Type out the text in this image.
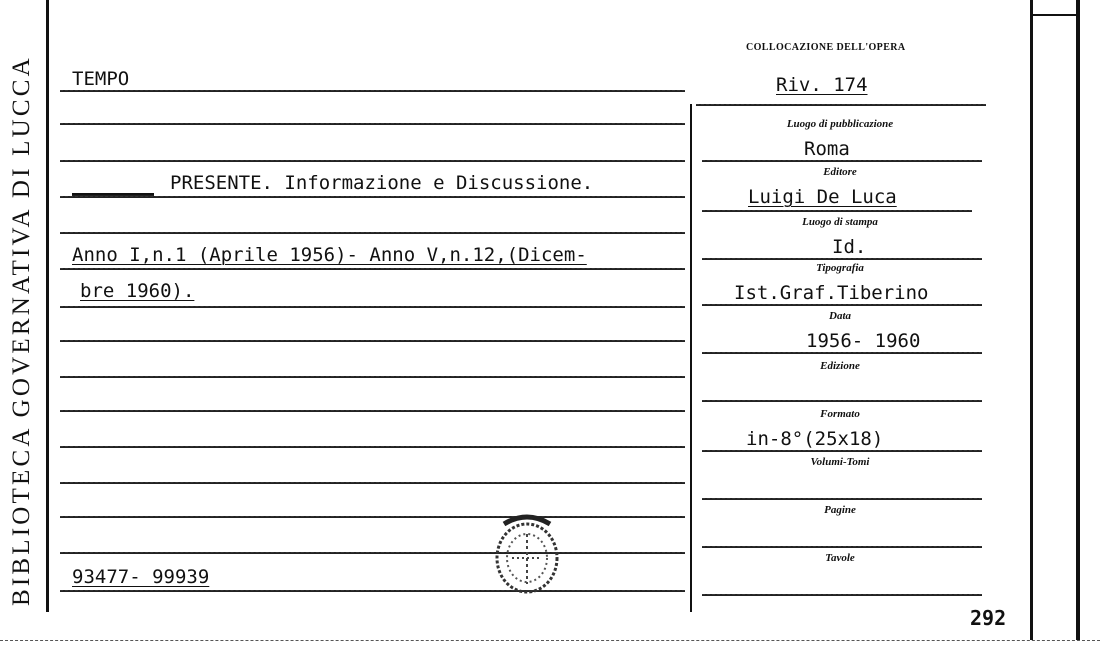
BIBLIOTECA GOVERNATIVA DI LUCCA	TEMPO
COLLOCAZIONE DELL'OPERA
Riv. 174
PRESENTE. Informazione e Discussione.
Anno I,n.1 (Aprile 1956)- Anno V,n.12,(Dicem-
bre 1960).
93477- 99939
Luogo di pubblicazione
Roma
Editore
Luigi De Luca
Luogo di stampa
Id.
Tipografia
Ist.Graf.Tiberino
Data
1956- 1960
Edizione
Formato
in-8°(25x18)
Volumi-Tomi
Pagine
Tavole
292
